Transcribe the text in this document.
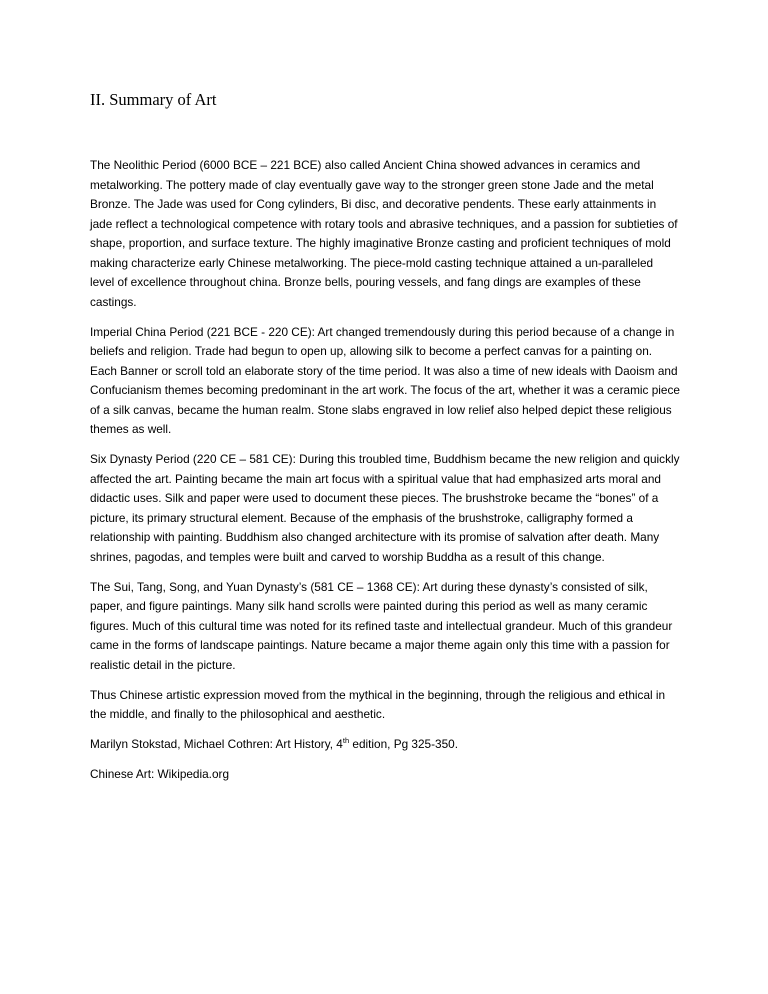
II. Summary of Art

The Neolithic Period (6000 BCE – 221 BCE) also called Ancient China showed advances in ceramics and metalworking. The pottery made of clay eventually gave way to the stronger green stone Jade and the metal Bronze. The Jade was used for Cong cylinders, Bi disc, and decorative pendents. These early attainments in jade reflect a technological competence with rotary tools and abrasive techniques, and a passion for subtieties of shape, proportion, and surface texture. The highly imaginative Bronze casting and proficient techniques of mold making characterize early Chinese metalworking. The piece-mold casting technique attained a un-paralleled level of excellence throughout china. Bronze bells, pouring vessels, and fang dings are examples of these castings.

Imperial China Period (221 BCE - 220 CE): Art changed tremendously during this period because of a change in beliefs and religion. Trade had begun to open up, allowing silk to become a perfect canvas for a painting on. Each Banner or scroll told an elaborate story of the time period. It was also a time of new ideals with Daoism and Confucianism themes becoming predominant in the art work. The focus of the art, whether it was a ceramic piece of a silk canvas, became the human realm. Stone slabs engraved in low relief also helped depict these religious themes as well.

Six Dynasty Period (220 CE – 581 CE): During this troubled time, Buddhism became the new religion and quickly affected the art. Painting became the main art focus with a spiritual value that had emphasized arts moral and didactic uses. Silk and paper were used to document these pieces. The brushstroke became the “bones” of a picture, its primary structural element. Because of the emphasis of the brushstroke, calligraphy formed a relationship with painting. Buddhism also changed architecture with its promise of salvation after death. Many shrines, pagodas, and temples were built and carved to worship Buddha as a result of this change.

The Sui, Tang, Song, and Yuan Dynasty’s (581 CE – 1368 CE): Art during these dynasty’s consisted of silk, paper, and figure paintings. Many silk hand scrolls were painted during this period as well as many ceramic figures. Much of this cultural time was noted for its refined taste and intellectual grandeur. Much of this grandeur came in the forms of landscape paintings. Nature became a major theme again only this time with a passion for realistic detail in the picture.

Thus Chinese artistic expression moved from the mythical in the beginning, through the religious and ethical in the middle, and finally to the philosophical and aesthetic.

Marilyn Stokstad, Michael Cothren: Art History, 4th edition, Pg 325-350.

Chinese Art: Wikipedia.org
